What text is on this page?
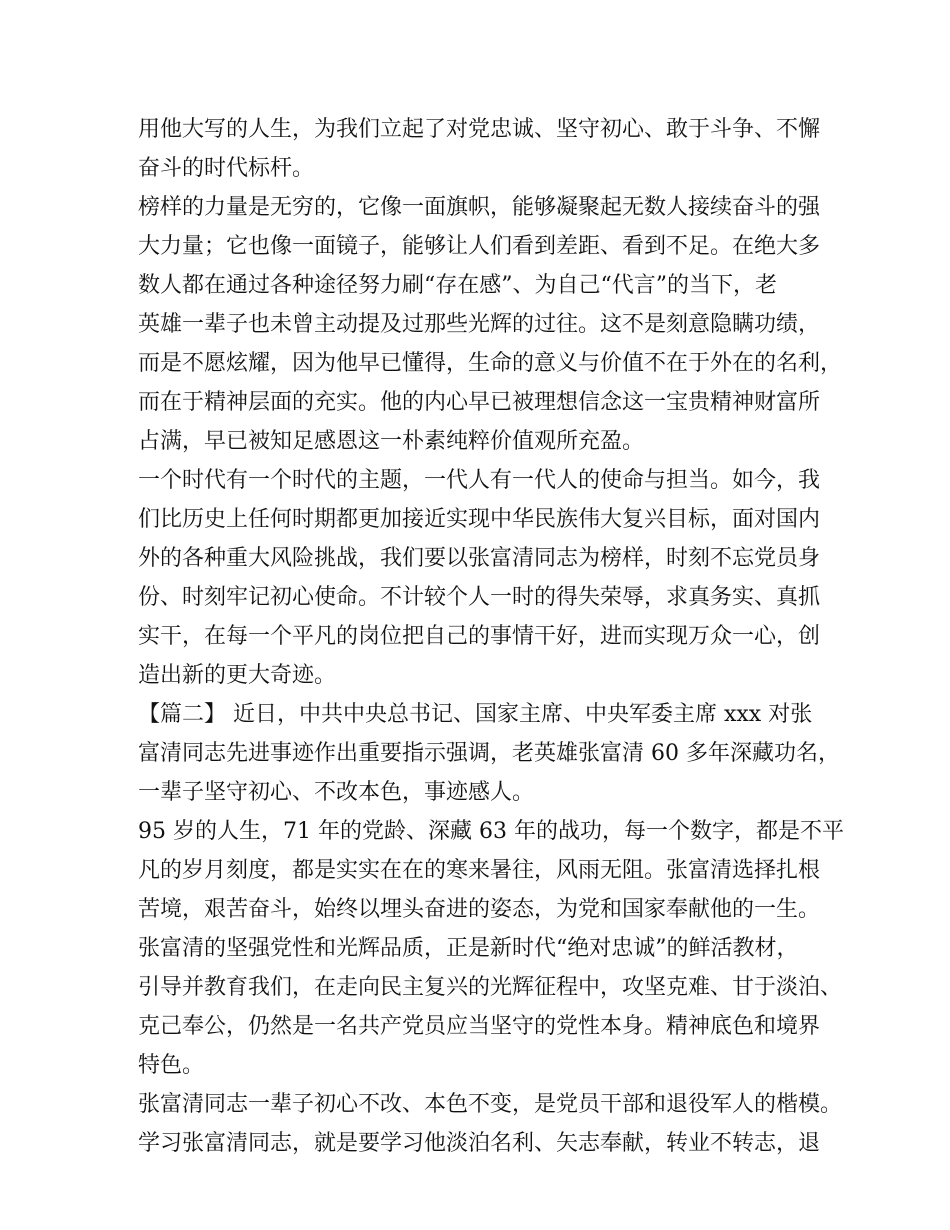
用他大写的人生，为我们立起了对党忠诚、坚守初心、敢于斗争、不懈
奋斗的时代标杆。
榜样的力量是无穷的，它像一面旗帜，能够凝聚起无数人接续奋斗的强
大力量；它也像一面镜子，能够让人们看到差距、看到不足。在绝大多
数人都在通过各种途径努力刷“存在感”、为自己“代言”的当下，老
英雄一辈子也未曾主动提及过那些光辉的过往。这不是刻意隐瞒功绩，
而是不愿炫耀，因为他早已懂得，生命的意义与价值不在于外在的名利，
而在于精神层面的充实。他的内心早已被理想信念这一宝贵精神财富所
占满，早已被知足感恩这一朴素纯粹价值观所充盈。
一个时代有一个时代的主题，一代人有一代人的使命与担当。如今，我
们比历史上任何时期都更加接近实现中华民族伟大复兴目标，面对国内
外的各种重大风险挑战，我们要以张富清同志为榜样，时刻不忘党员身
份、时刻牢记初心使命。不计较个人一时的得失荣辱，求真务实、真抓
实干，在每一个平凡的岗位把自己的事情干好，进而实现万众一心，创
造出新的更大奇迹。
【篇二】 近日，中共中央总书记、国家主席、中央军委主席 xxx 对张
富清同志先进事迹作出重要指示强调，老英雄张富清 60 多年深藏功名，
一辈子坚守初心、不改本色，事迹感人。
95 岁的人生，71 年的党龄、深藏 63 年的战功，每一个数字，都是不平
凡的岁月刻度，都是实实在在的寒来暑往，风雨无阻。张富清选择扎根
苦境，艰苦奋斗，始终以埋头奋进的姿态，为党和国家奉献他的一生。
张富清的坚强党性和光辉品质，正是新时代“绝对忠诚”的鲜活教材，
引导并教育我们，在走向民主复兴的光辉征程中，攻坚克难、甘于淡泊、
克己奉公，仍然是一名共产党员应当坚守的党性本身。精神底色和境界
特色。
张富清同志一辈子初心不改、本色不变，是党员干部和退役军人的楷模。
学习张富清同志，就是要学习他淡泊名利、矢志奉献，转业不转志，退
